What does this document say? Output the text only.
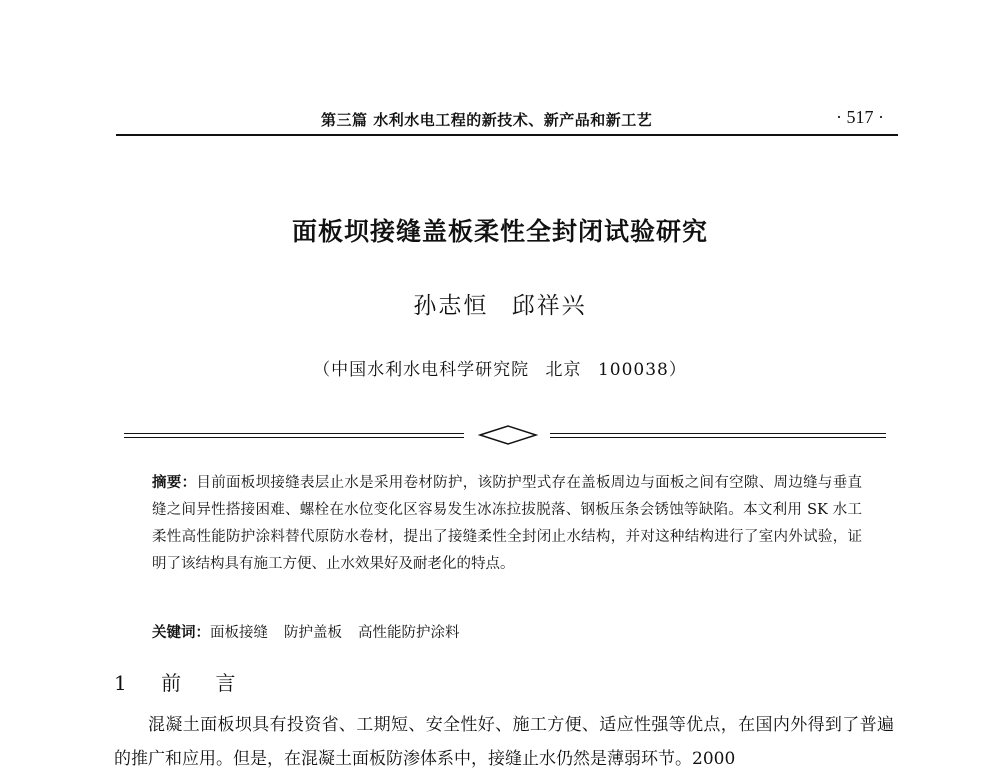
第三篇 水利水电工程的新技术、新产品和新工艺	· 517 ·
面板坝接缝盖板柔性全封闭试验研究
孙志恒 邱祥兴
（中国水利水电科学研究院 北京 100038）
摘要：目前面板坝接缝表层止水是采用卷材防护，该防护型式存在盖板周边与面板之间有空隙、周边缝与垂直缝之间异性搭接困难、螺栓在水位变化区容易发生冰冻拉拔脱落、钢板压条会锈蚀等缺陷。本文利用 SK 水工柔性高性能防护涂料替代原防水卷材，提出了接缝柔性全封闭止水结构，并对这种结构进行了室内外试验，证明了该结构具有施工方便、止水效果好及耐老化的特点。
关键词：面板接缝 防护盖板 高性能防护涂料
1 前 言
混凝土面板坝具有投资省、工期短、安全性好、施工方便、适应性强等优点，在国内外得到了普遍的推广和应用。但是，在混凝土面板防渗体系中，接缝止水仍然是薄弱环节。2000
